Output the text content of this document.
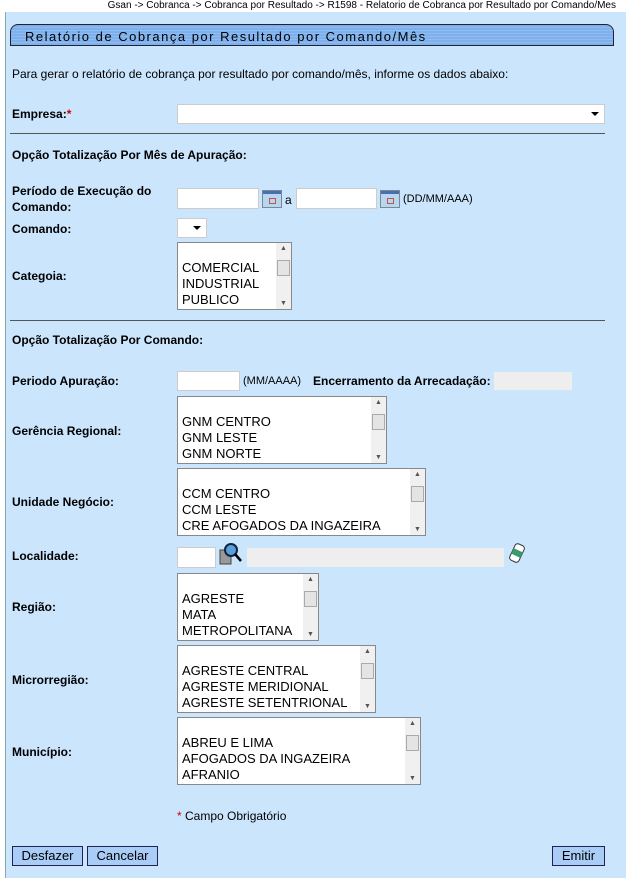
Gsan -> Cobranca -> Cobranca por Resultado -> R1598 - Relatorio de Cobranca por Resultado por Comando/Mes
Relatório de Cobrança por Resultado por Comando/Mês
Para gerar o relatório de cobrança por resultado por comando/mês, informe os dados abaixo:
Empresa:*
Opção Totalização Por Mês de Apuração:
Período de Execução do
Comando:	a	(DD/MM/AAA)
Comando:
Categoia:
COMERCIAL
INDUSTRIAL
PUBLICO
▲
▼
Opção Totalização Por Comando:
Periodo Apuração:	(MM/AAAA) Encerramento da Arrecadação:
Gerência Regional:
GNM CENTRO
GNM LESTE
GNM NORTE
▲
▼
Unidade Negócio:
CCM CENTRO
CCM LESTE
CRE AFOGADOS DA INGAZEIRA
▲
▼
Localidade:
Região:
AGRESTE
MATA
METROPOLITANA
▲
▼
Microrregião:
AGRESTE CENTRAL
AGRESTE MERIDIONAL
AGRESTE SETENTRIONAL
▲
▼
Município:
ABREU E LIMA
AFOGADOS DA INGAZEIRA
AFRANIO
▲
▼
* Campo Obrigatório
Desfazer	Cancelar	Emitir
